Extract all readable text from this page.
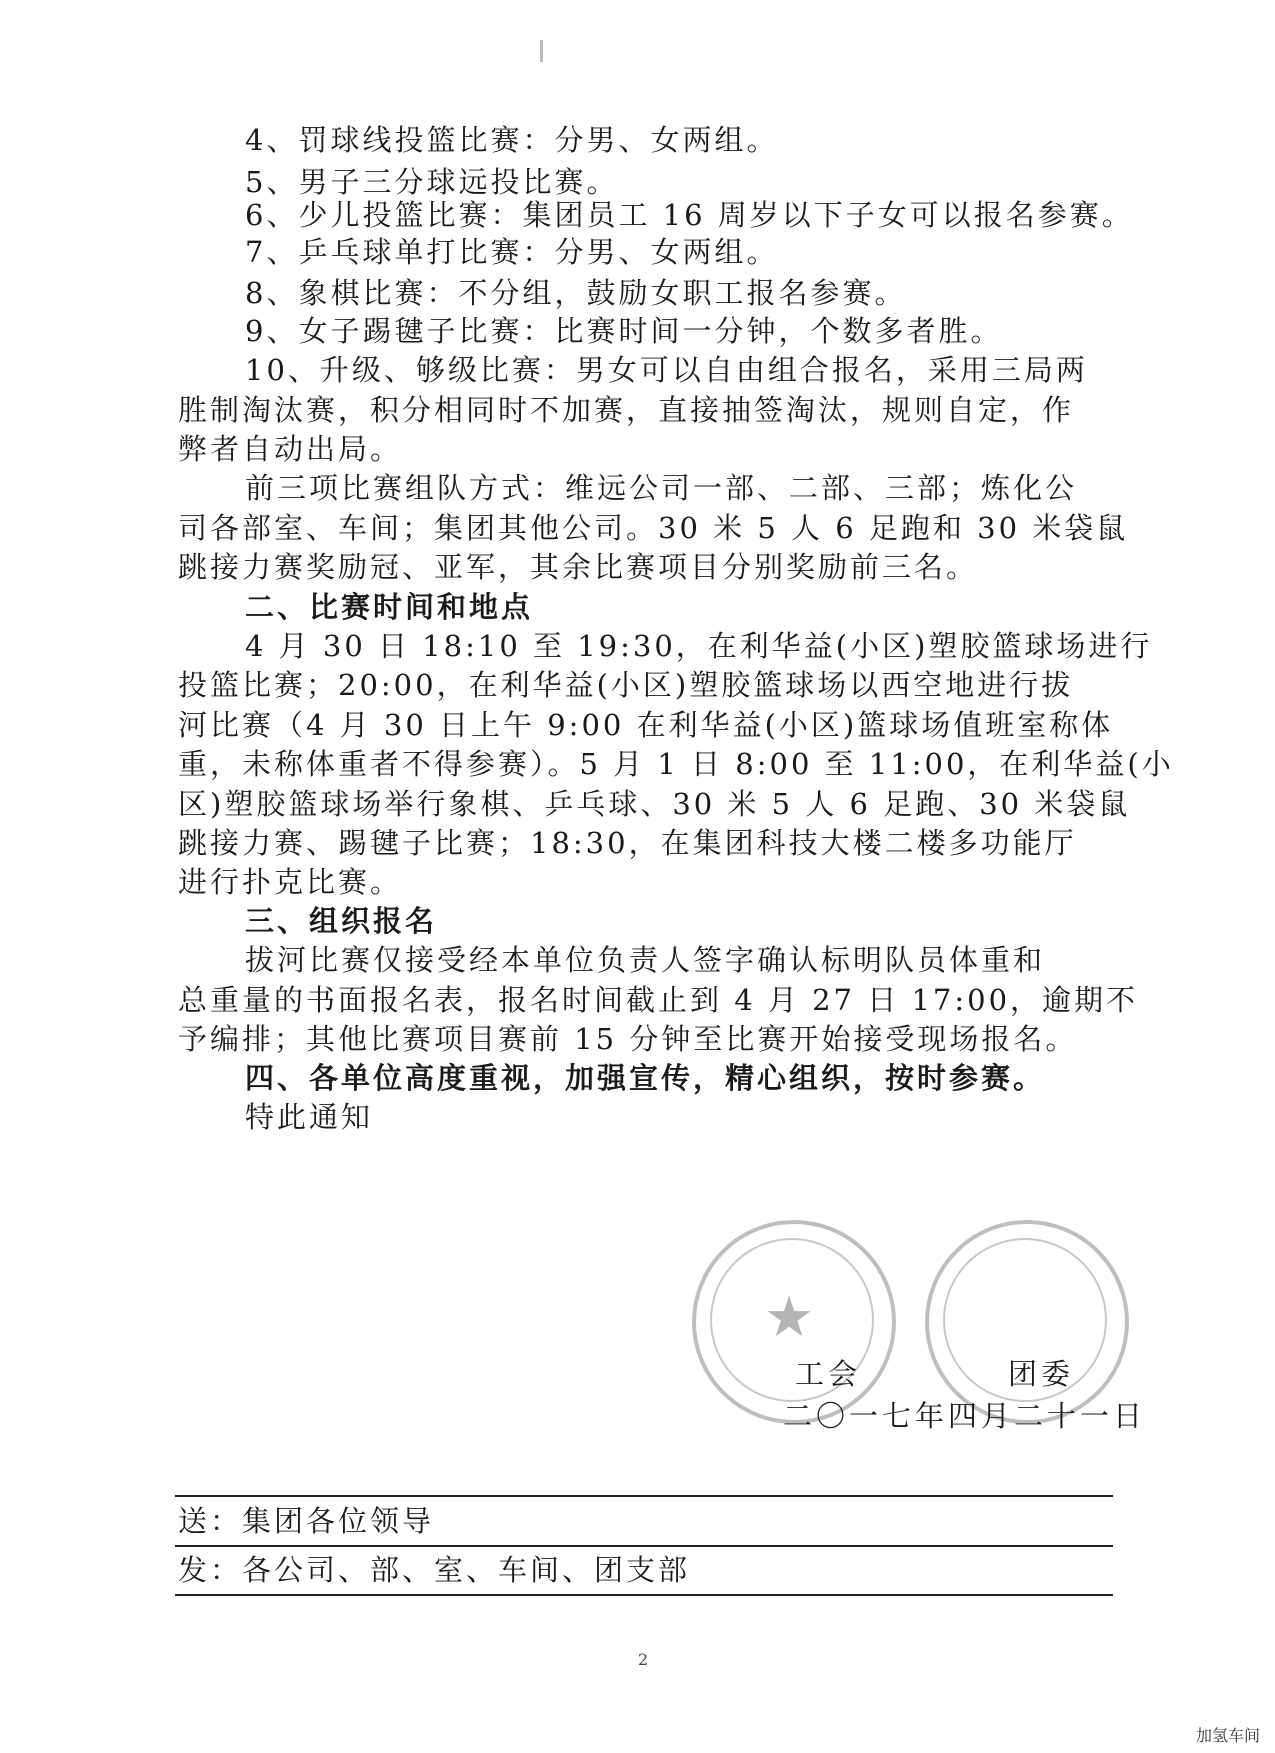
4、罚球线投篮比赛：分男、女两组。
5、男子三分球远投比赛。
6、少儿投篮比赛：集团员工 16 周岁以下子女可以报名参赛。
7、乒乓球单打比赛：分男、女两组。
8、象棋比赛：不分组，鼓励女职工报名参赛。
9、女子踢毽子比赛：比赛时间一分钟，个数多者胜。
10、升级、够级比赛：男女可以自由组合报名，采用三局两
胜制淘汰赛，积分相同时不加赛，直接抽签淘汰，规则自定，作
弊者自动出局。
前三项比赛组队方式：维远公司一部、二部、三部；炼化公
司各部室、车间；集团其他公司。30 米 5 人 6 足跑和 30 米袋鼠
跳接力赛奖励冠、亚军，其余比赛项目分别奖励前三名。
二、比赛时间和地点
4 月 30 日 18:10 至 19:30，在利华益(小区)塑胶篮球场进行
投篮比赛；20:00，在利华益(小区)塑胶篮球场以西空地进行拔
河比赛（4 月 30 日上午 9:00 在利华益(小区)篮球场值班室称体
重，未称体重者不得参赛）。5 月 1 日 8:00 至 11:00，在利华益(小
区)塑胶篮球场举行象棋、乒乓球、30 米 5 人 6 足跑、30 米袋鼠
跳接力赛、踢毽子比赛；18:30，在集团科技大楼二楼多功能厅
进行扑克比赛。
三、组织报名
拔河比赛仅接受经本单位负责人签字确认标明队员体重和
总重量的书面报名表，报名时间截止到 4 月 27 日 17:00，逾期不
予编排；其他比赛项目赛前 15 分钟至比赛开始接受现场报名。
四、各单位高度重视，加强宣传，精心组织，按时参赛。
特此通知
★
工会	团委
二〇一七年四月二十一日
送：集团各位领导
发：各公司、部、室、车间、团支部
2
加氢车间
